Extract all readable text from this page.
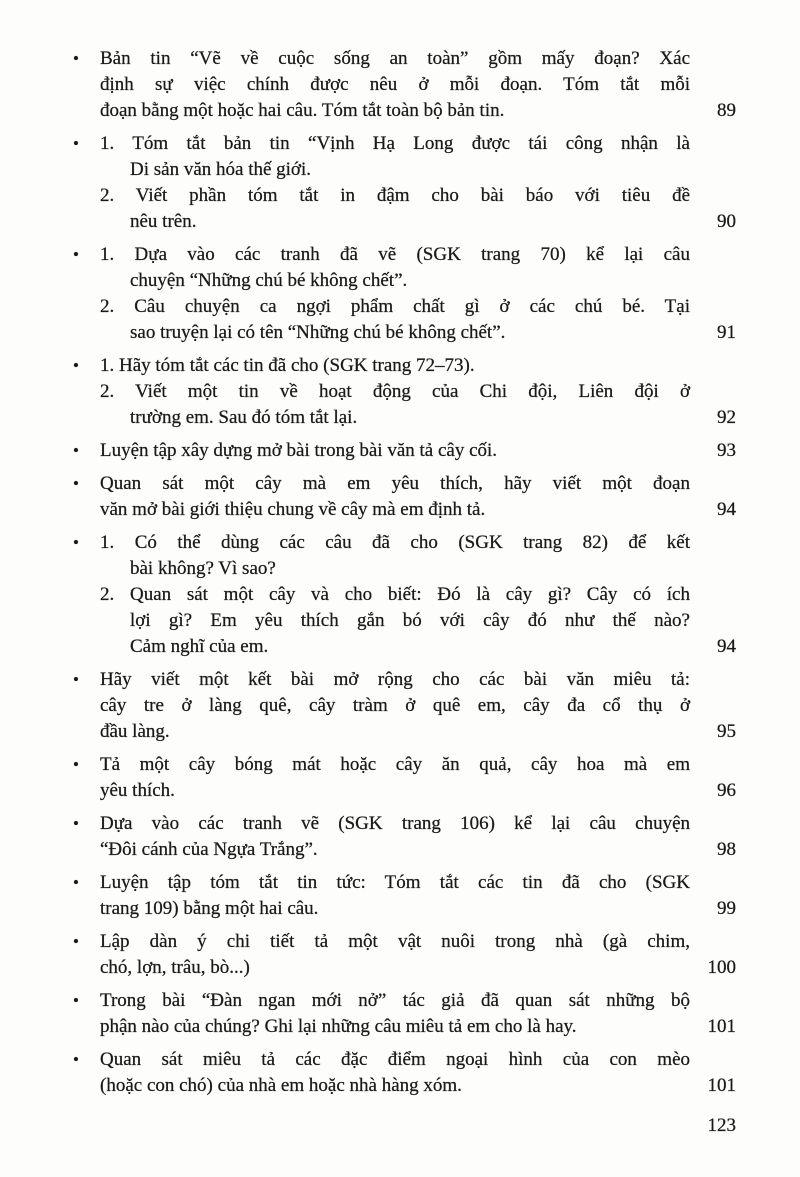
•	Bản tin “Vẽ về cuộc sống an toàn” gồm mấy đoạn? Xác
định sự việc chính được nêu ở mỗi đoạn. Tóm tắt mỗi
đoạn bằng một hoặc hai câu. Tóm tắt toàn bộ bản tin.	89
•	1. Tóm tắt bản tin “Vịnh Hạ Long được tái công nhận là
Di sản văn hóa thế giới.
2. Viết phần tóm tắt in đậm cho bài báo với tiêu đề
nêu trên.	90
•	1. Dựa vào các tranh đã vẽ (SGK trang 70) kể lại câu
chuyện “Những chú bé không chết”.
2. Câu chuyện ca ngợi phẩm chất gì ở các chú bé. Tại
sao truyện lại có tên “Những chú bé không chết”.	91
•	1. Hãy tóm tắt các tin đã cho (SGK trang 72–73).
2. Viết một tin về hoạt động của Chi đội, Liên đội ở
trường em. Sau đó tóm tắt lại.	92
•	Luyện tập xây dựng mở bài trong bài văn tả cây cối.	93
•	Quan sát một cây mà em yêu thích, hãy viết một đoạn
văn mở bài giới thiệu chung về cây mà em định tả.	94
•	1. Có thể dùng các câu đã cho (SGK trang 82) để kết
bài không? Vì sao?
2. Quan sát một cây và cho biết: Đó là cây gì? Cây có ích
lợi gì? Em yêu thích gắn bó với cây đó như thế nào?
Cảm nghĩ của em.	94
•	Hãy viết một kết bài mở rộng cho các bài văn miêu tả:
cây tre ở làng quê, cây tràm ở quê em, cây đa cổ thụ ở
đầu làng.	95
•	Tả một cây bóng mát hoặc cây ăn quả, cây hoa mà em
yêu thích.	96
•	Dựa vào các tranh vẽ (SGK trang 106) kể lại câu chuyện
“Đôi cánh của Ngựa Trắng”.	98
•	Luyện tập tóm tắt tin tức: Tóm tắt các tin đã cho (SGK
trang 109) bằng một hai câu.	99
•	Lập dàn ý chi tiết tả một vật nuôi trong nhà (gà chim,
chó, lợn, trâu, bò...)	100
•	Trong bài “Đàn ngan mới nở” tác giả đã quan sát những bộ
phận nào của chúng? Ghi lại những câu miêu tả em cho là hay.	101
•	Quan sát miêu tả các đặc điểm ngoại hình của con mèo
(hoặc con chó) của nhà em hoặc nhà hàng xóm.	101
123
